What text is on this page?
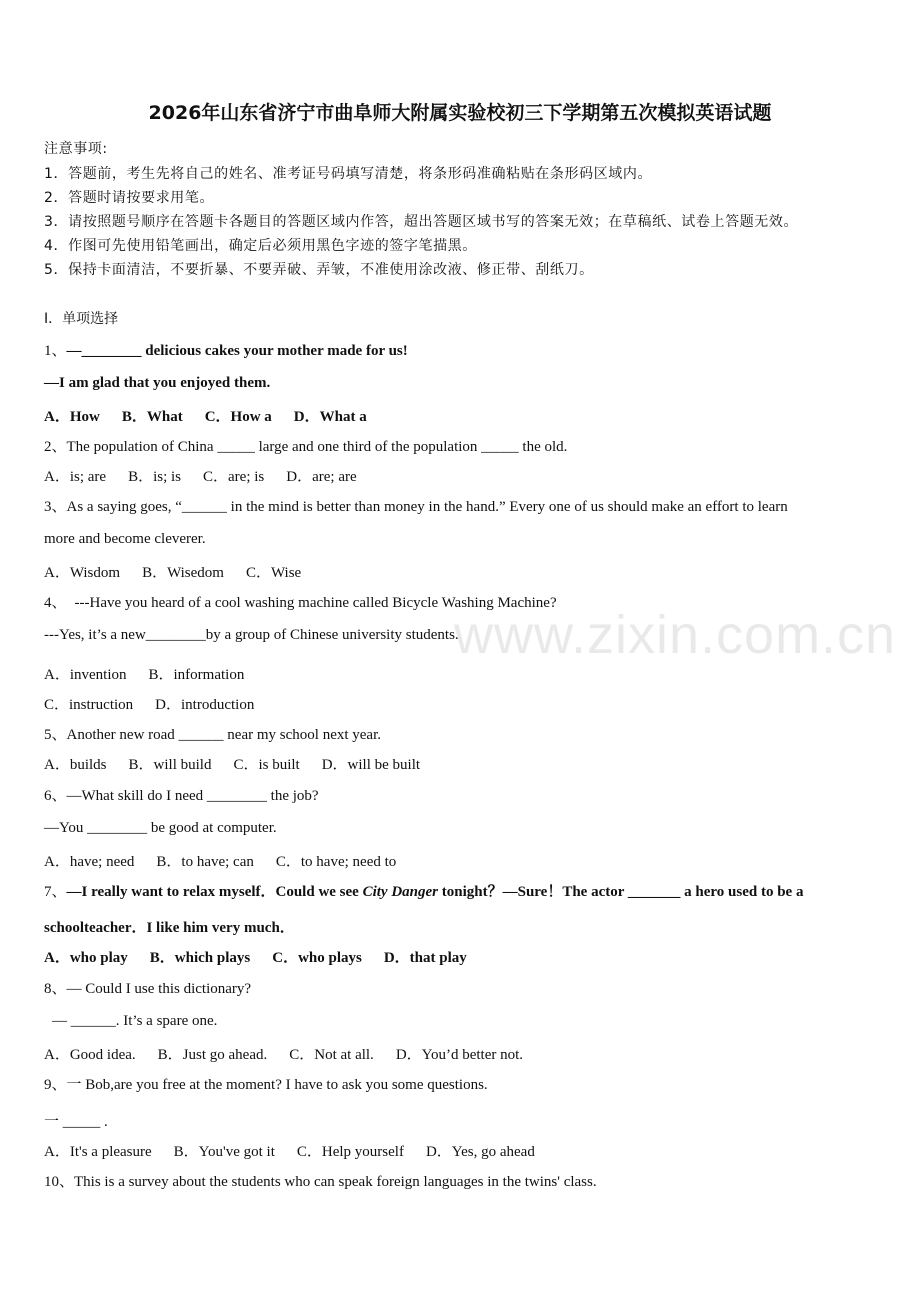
2026年山东省济宁市曲阜师大附属实验校初三下学期第五次模拟英语试题
注意事项:
1．答题前，考生先将自己的姓名、准考证号码填写清楚，将条形码准确粘贴在条形码区域内。
2．答题时请按要求用笔。
3．请按照题号顺序在答题卡各题目的答题区域内作答，超出答题区域书写的答案无效；在草稿纸、试卷上答题无效。
4．作图可先使用铅笔画出，确定后必须用黑色字迹的签字笔描黑。
5．保持卡面清洁，不要折暴、不要弄破、弄皱，不准使用涂改液、修正带、刮纸刀。
Ⅰ．单项选择
1、—________ delicious cakes your mother made for us!
—I am glad that you enjoyed them.
A．How B．What C．How a D．What a
2、The population of China _____ large and one third of the population _____ the old.
A．is; are B．is; is C．are; is D．are; are
3、As a saying goes, “______ in the mind is better than money in the hand.” Every one of us should make an effort to learn
more and become cleverer.
A．Wisdom B．Wisedom C．Wise
4、 ---Have you heard of a cool washing machine called Bicycle Washing Machine?
---Yes, it’s a new________by a group of Chinese university students.
A．invention B．information
C．instruction D．introduction
5、Another new road ______ near my school next year.
A．builds B．will build C．is built D．will be built
6、—What skill do I need ________ the job?
—You ________ be good at computer.
A．have; need B．to have; can C．to have; need to
7、—I really want to relax myself．Could we see City Danger tonight？—Sure！The actor _______ a hero used to be a
schoolteacher．I like him very much．
A．who play B．which plays C．who plays D．that play
8、— Could I use this dictionary?
— ______. It’s a spare one.
A．Good idea. B．Just go ahead. C．Not at all. D．You’d better not.
9、一 Bob,are you free at the moment? I have to ask you some questions.
一 _____ .
A．It's a pleasure B．You've got it C．Help yourself D．Yes, go ahead
10、This is a survey about the students who can speak foreign languages in the twins' class.
www.zixin.com.cn
